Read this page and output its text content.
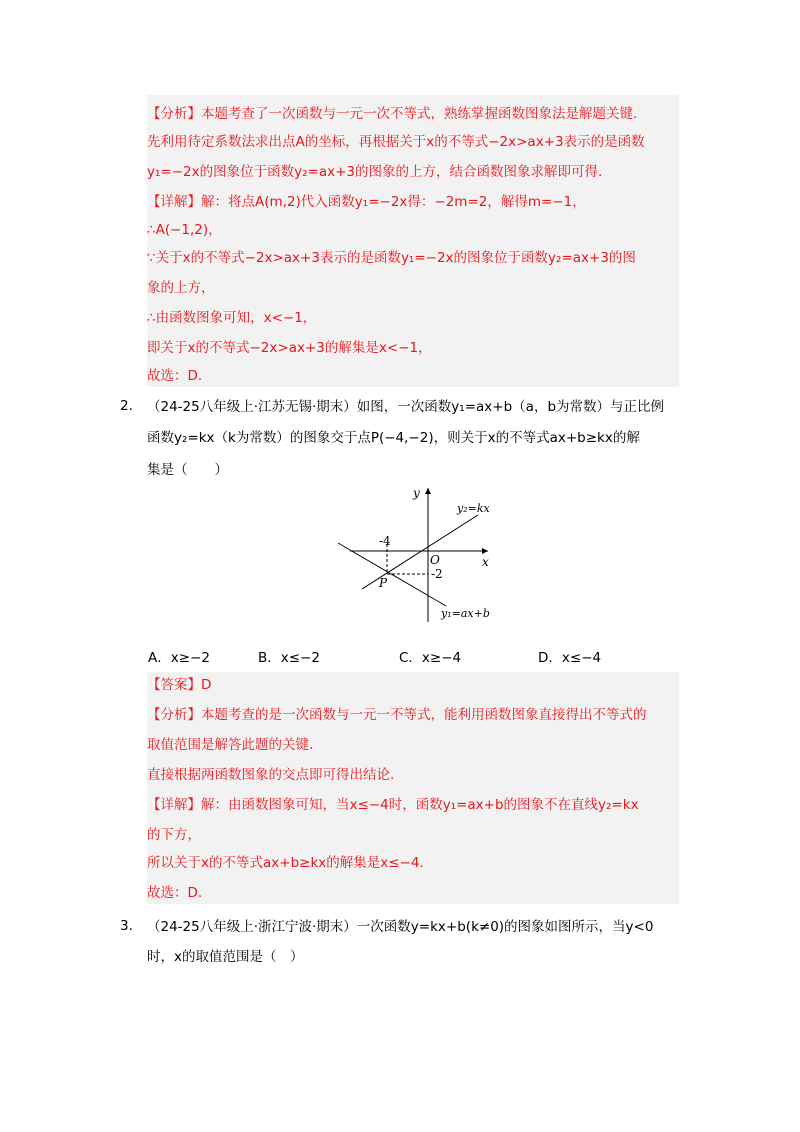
【分析】本题考查了一次函数与一元一次不等式，熟练掌握函数图象法是解题关键.
先利用待定系数法求出点A的坐标，再根据关于x的不等式−2x>ax+3表示的是函数
y₁=−2x的图象位于函数y₂=ax+3的图象的上方，结合函数图象求解即可得.
【详解】解：将点A(m,2)代入函数y₁=−2x得：−2m=2，解得m=−1，
∴A(−1,2)，
∵关于x的不等式−2x>ax+3表示的是函数y₁=−2x的图象位于函数y₂=ax+3的图
象的上方，
∴由函数图象可知，x<−1，
即关于x的不等式−2x>ax+3的解集是x<−1，
故选：D.
2. （24-25八年级上·江苏无锡·期末）如图，一次函数y₁=ax+b（a，b为常数）与正比例
函数y₂=kx（k为常数）的图象交于点P(−4,−2)，则关于x的不等式ax+b≥kx的解
集是（　　）
y
x
O
-4
-2
P
y₂=kx
y₁=ax+b
A．x≥−2	B．x≤−2	C．x≥−4	D．x≤−4
【答案】D
【分析】本题考查的是一次函数与一元一不等式，能利用函数图象直接得出不等式的
取值范围是解答此题的关键.
直接根据两函数图象的交点即可得出结论.
【详解】解：由函数图象可知，当x≤−4时，函数y₁=ax+b的图象不在直线y₂=kx
的下方，
所以关于x的不等式ax+b≥kx的解集是x≤−4.
故选：D.
3. （24-25八年级上·浙江宁波·期末）一次函数y=kx+b(k≠0)的图象如图所示，当y<0
时，x的取值范围是（　）
